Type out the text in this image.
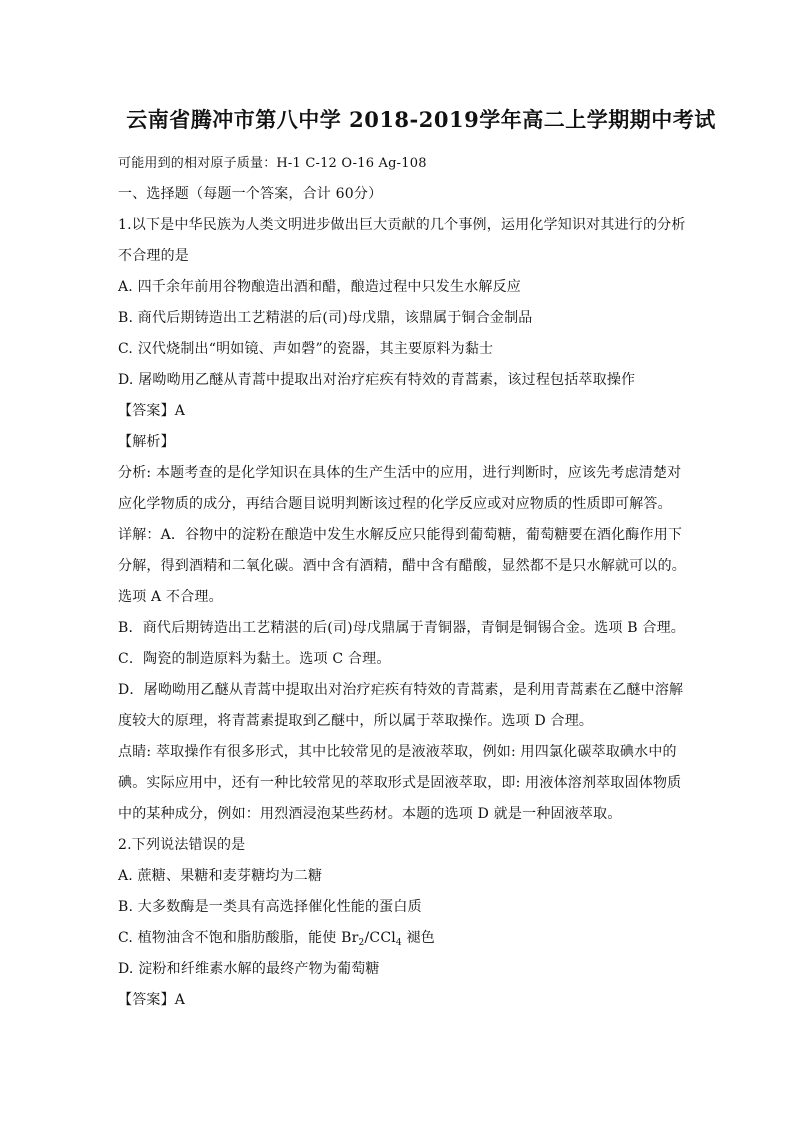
云南省腾冲市第八中学 2018-2019学年高二上学期期中考试

可能用到的相对原子质量：H-1 C-12 O-16 Ag-108

一、选择题（每题一个答案，合计 60分）

1.以下是中华民族为人类文明进步做出巨大贡献的几个事例，运用化学知识对其进行的分析

不合理的是

A. 四千余年前用谷物酿造出酒和醋，酿造过程中只发生水解反应

B. 商代后期铸造出工艺精湛的后(司)母戊鼎，该鼎属于铜合金制品

C. 汉代烧制出“明如镜、声如磬”的瓷器，其主要原料为黏士

D. 屠呦呦用乙醚从青蒿中提取出对治疗疟疾有特效的青蒿素，该过程包括萃取操作

【答案】A

【解析】

分析: 本题考查的是化学知识在具体的生产生活中的应用，进行判断时，应该先考虑清楚对

应化学物质的成分，再结合题目说明判断该过程的化学反应或对应物质的性质即可解答。

详解：A．谷物中的淀粉在酿造中发生水解反应只能得到葡萄糖，葡萄糖要在酒化酶作用下

分解，得到酒精和二氧化碳。酒中含有酒精，醋中含有醋酸，显然都不是只水解就可以的。

选项 A 不合理。

B．商代后期铸造出工艺精湛的后(司)母戊鼎属于青铜器，青铜是铜锡合金。选项 B 合理。

C．陶瓷的制造原料为黏土。选项 C 合理。

D．屠呦呦用乙醚从青蒿中提取出对治疗疟疾有特效的青蒿素，是利用青蒿素在乙醚中溶解

度较大的原理，将青蒿素提取到乙醚中，所以属于萃取操作。选项 D 合理。

点睛: 萃取操作有很多形式，其中比较常见的是液液萃取，例如: 用四氯化碳萃取碘水中的

碘。实际应用中，还有一种比较常见的萃取形式是固液萃取，即: 用液体溶剂萃取固体物质

中的某种成分，例如：用烈酒浸泡某些药材。本题的选项 D 就是一种固液萃取。

2.下列说法错误的是

A. 蔗糖、果糖和麦芽糖均为二糖

B. 大多数酶是一类具有高选择催化性能的蛋白质

C. 植物油含不饱和脂肪酸脂，能使 $Br_2/CCl_4$ 褪色

D. 淀粉和纤维素水解的最终产物为葡萄糖

【答案】A
